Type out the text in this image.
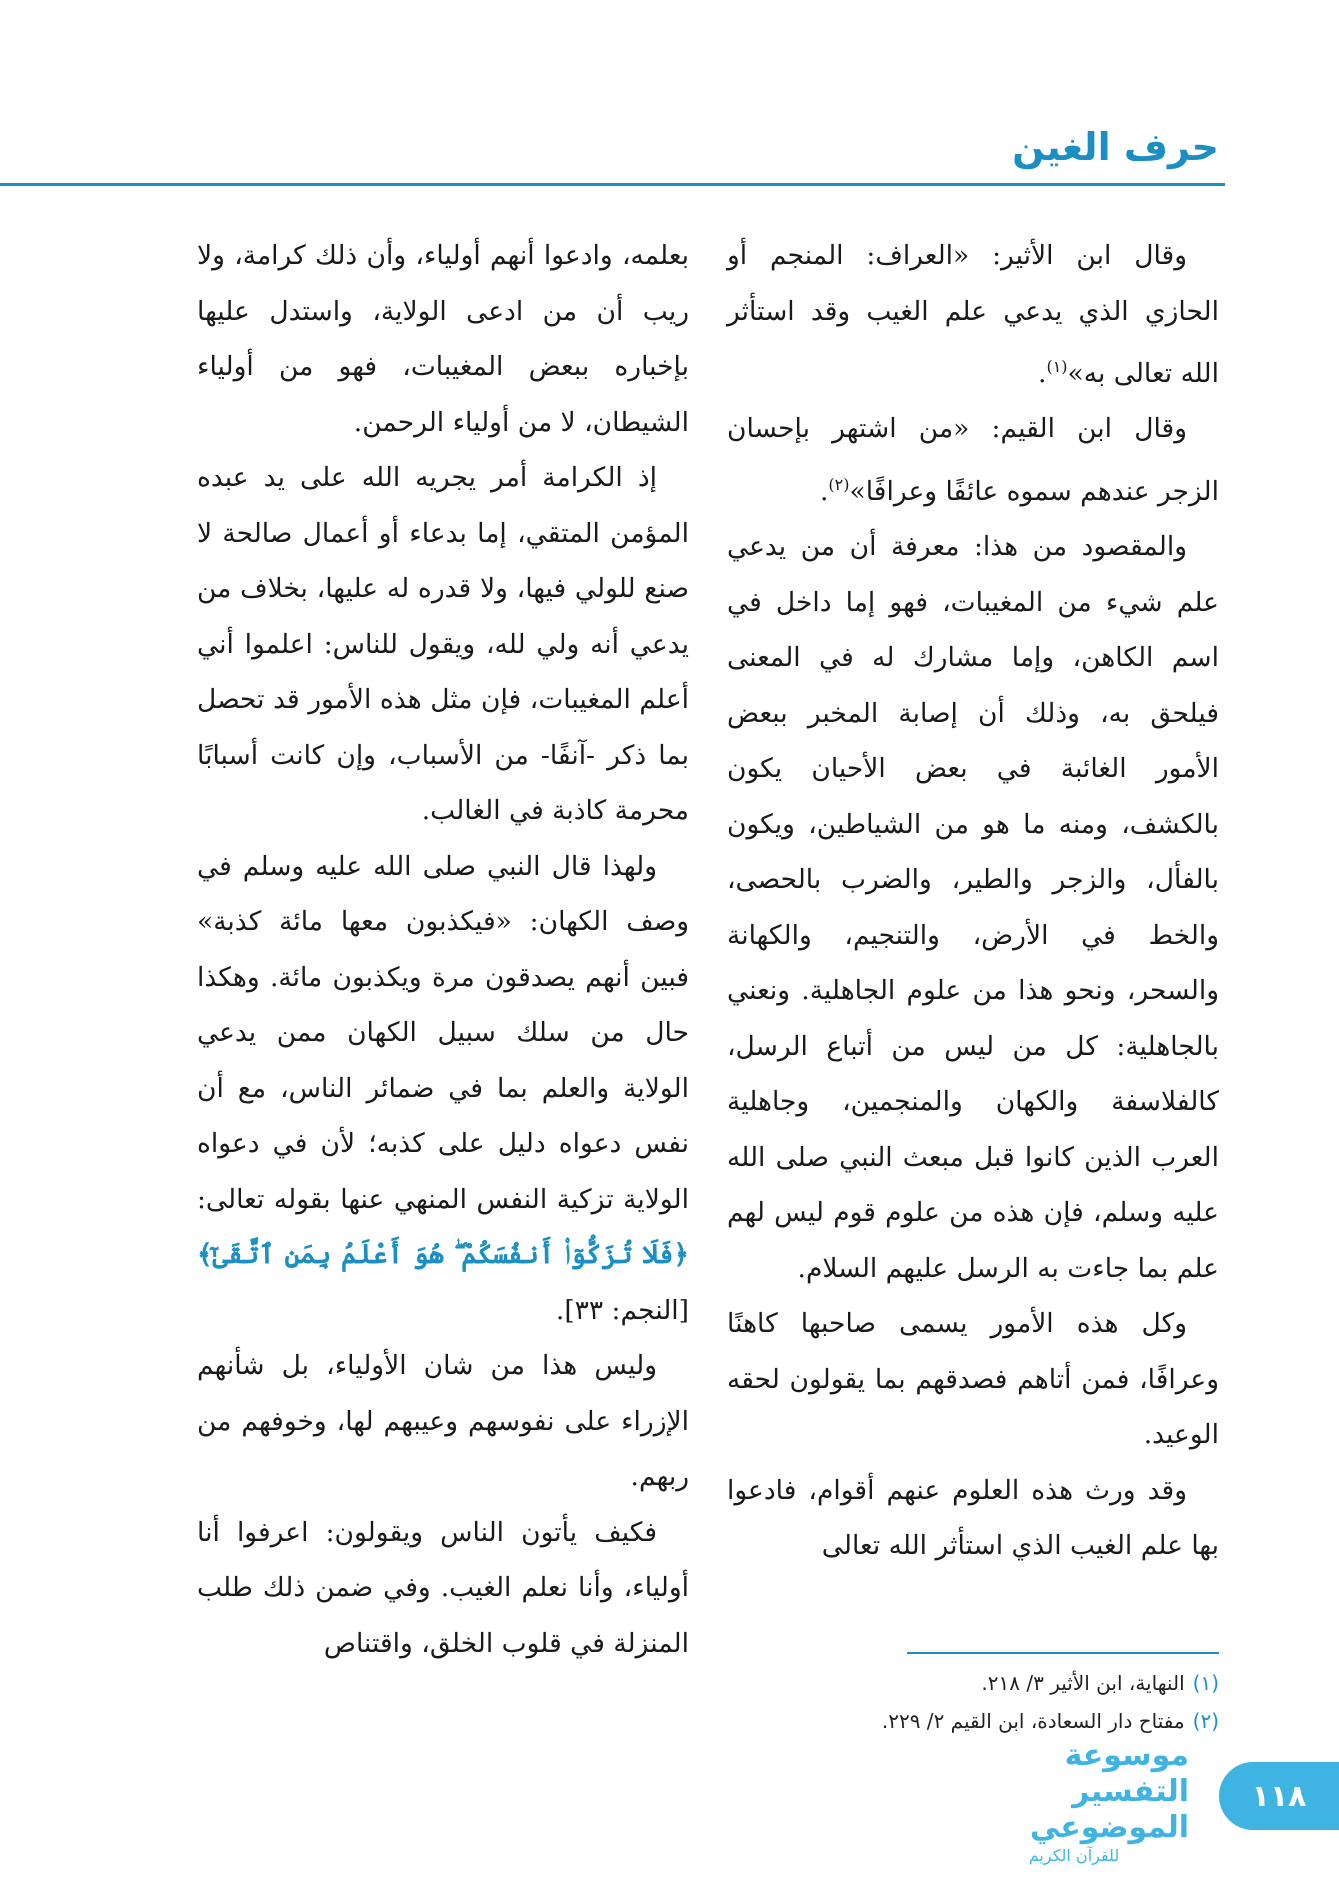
حرف الغين

وقال ابن الأثير: «العراف: المنجم أو الحازي الذي يدعي علم الغيب وقد استأثر الله تعالى به»$^{(١)}$.

وقال ابن القيم: «من اشتهر بإحسان الزجر عندهم سموه عائفًا وعرافًا»$^{(٢)}$.

والمقصود من هذا: معرفة أن من يدعي علم شيء من المغيبات، فهو إما داخل في اسم الكاهن، وإما مشارك له في المعنى فيلحق به، وذلك أن إصابة المخبر ببعض الأمور الغائبة في بعض الأحيان يكون بالكشف، ومنه ما هو من الشياطين، ويكون بالفأل، والزجر والطير، والضرب بالحصى، والخط في الأرض، والتنجيم، والكهانة والسحر، ونحو هذا من علوم الجاهلية. ونعني بالجاهلية: كل من ليس من أتباع الرسل، كالفلاسفة والكهان والمنجمين، وجاهلية العرب الذين كانوا قبل مبعث النبي صلى الله عليه وسلم، فإن هذه من علوم قوم ليس لهم علم بما جاءت به الرسل عليهم السلام.

وكل هذه الأمور يسمى صاحبها كاهنًا وعرافًا، فمن أتاهم فصدقهم بما يقولون لحقه الوعيد.

وقد ورث هذه العلوم عنهم أقوام، فادعوا بها علم الغيب الذي استأثر الله تعالى

بعلمه، وادعوا أنهم أولياء، وأن ذلك كرامة، ولا ريب أن من ادعى الولاية، واستدل عليها بإخباره ببعض المغيبات، فهو من أولياء الشيطان، لا من أولياء الرحمن.

إذ الكرامة أمر يجريه الله على يد عبده المؤمن المتقي، إما بدعاء أو أعمال صالحة لا صنع للولي فيها، ولا قدره له عليها، بخلاف من يدعي أنه ولي لله، ويقول للناس: اعلموا أني أعلم المغيبات، فإن مثل هذه الأمور قد تحصل بما ذكر -آنفًا- من الأسباب، وإن كانت أسبابًا محرمة كاذبة في الغالب.

ولهذا قال النبي صلى الله عليه وسلم في وصف الكهان: «فيكذبون معها مائة كذبة» فبين أنهم يصدقون مرة ويكذبون مائة. وهكذا حال من سلك سبيل الكهان ممن يدعي الولاية والعلم بما في ضمائر الناس، مع أن نفس دعواه دليل على كذبه؛ لأن في دعواه الولاية تزكية النفس المنهي عنها بقوله تعالى: ﴿فَلَا تُزَكُّوٓا۟ أَنفُسَكُمْ ۖ هُوَ أَعْلَمُ بِمَنِ ٱتَّقَىٰٓ﴾ [النجم: ٣٣].

وليس هذا من شان الأولياء، بل شأنهم الإزراء على نفوسهم وعيبهم لها، وخوفهم من ربهم.

فكيف يأتون الناس ويقولون: اعرفوا أنا أولياء، وأنا نعلم الغيب. وفي ضمن ذلك طلب المنزلة في قلوب الخلق، واقتناص

(١)النهاية، ابن الأثير ٣/ ٢١٨.
(٢)مفتاح دار السعادة، ابن القيم ٢/ ٢٢٩.
١١٨
موسوعة التفسير الموضوعي
للقرآن الكريم
